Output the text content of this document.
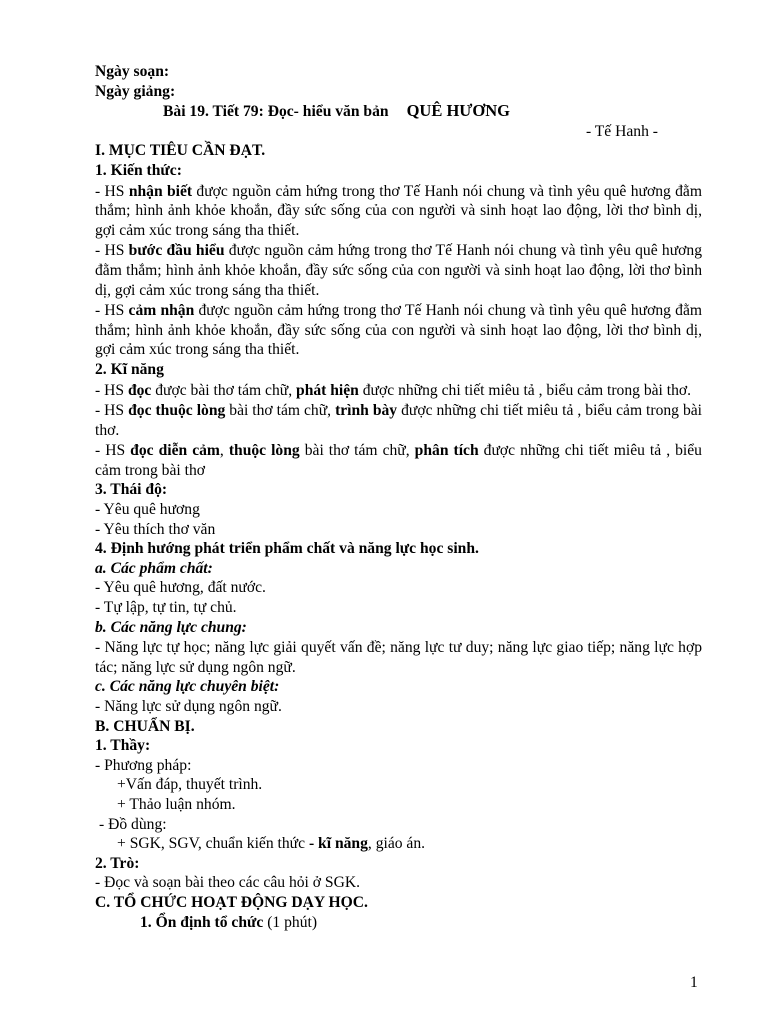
Ngày soạn:
Ngày giảng:
Bài 19. Tiết 79: Đọc- hiểu văn bản QUÊ HƯƠNG
- Tế Hanh -
I. MỤC TIÊU CẦN ĐẠT.
1. Kiến thức:
- HS nhận biết được nguồn cảm hứng trong thơ Tế Hanh nói chung và tình yêu quê hương đằm thắm; hình ảnh khỏe khoắn, đầy sức sống của con người và sinh hoạt lao động, lời thơ bình dị, gợi cảm xúc trong sáng tha thiết.
- HS bước đầu hiểu được nguồn cảm hứng trong thơ Tế Hanh nói chung và tình yêu quê hương đằm thắm; hình ảnh khỏe khoắn, đầy sức sống của con người và sinh hoạt lao động, lời thơ bình dị, gợi cảm xúc trong sáng tha thiết.
- HS cảm nhận được nguồn cảm hứng trong thơ Tế Hanh nói chung và tình yêu quê hương đằm thắm; hình ảnh khỏe khoắn, đầy sức sống của con người và sinh hoạt lao động, lời thơ bình dị, gợi cảm xúc trong sáng tha thiết.
2. Kĩ năng
- HS đọc được bài thơ tám chữ, phát hiện được những chi tiết miêu tả , biểu cảm trong bài thơ.
- HS đọc thuộc lòng bài thơ tám chữ, trình bày được những chi tiết miêu tả , biểu cảm trong bài thơ.
- HS đọc diễn cảm, thuộc lòng bài thơ tám chữ, phân tích được những chi tiết miêu tả , biểu cảm trong bài thơ
3. Thái độ:
- Yêu quê hương
- Yêu thích thơ văn
4. Định hướng phát triển phẩm chất và năng lực học sinh.
a. Các phẩm chất:
- Yêu quê hương, đất nước.
- Tự lập, tự tin, tự chủ.
b. Các năng lực chung:
- Năng lực tự học; năng lực giải quyết vấn đề; năng lực tư duy; năng lực giao tiếp; năng lực hợp tác; năng lực sử dụng ngôn ngữ.
c. Các năng lực chuyên biệt:
- Năng lực sử dụng ngôn ngữ.
B. CHUẨN BỊ.
1. Thầy:
- Phương pháp:
+Vấn đáp, thuyết trình.
+ Thảo luận nhóm.
- Đồ dùng:
+ SGK, SGV, chuẩn kiến thức - kĩ năng, giáo án.
2. Trò:
- Đọc và soạn bài theo các câu hỏi ở SGK.
C. TỔ CHỨC HOẠT ĐỘNG DẠY HỌC.
1. Ổn định tổ chức (1 phút)
1
